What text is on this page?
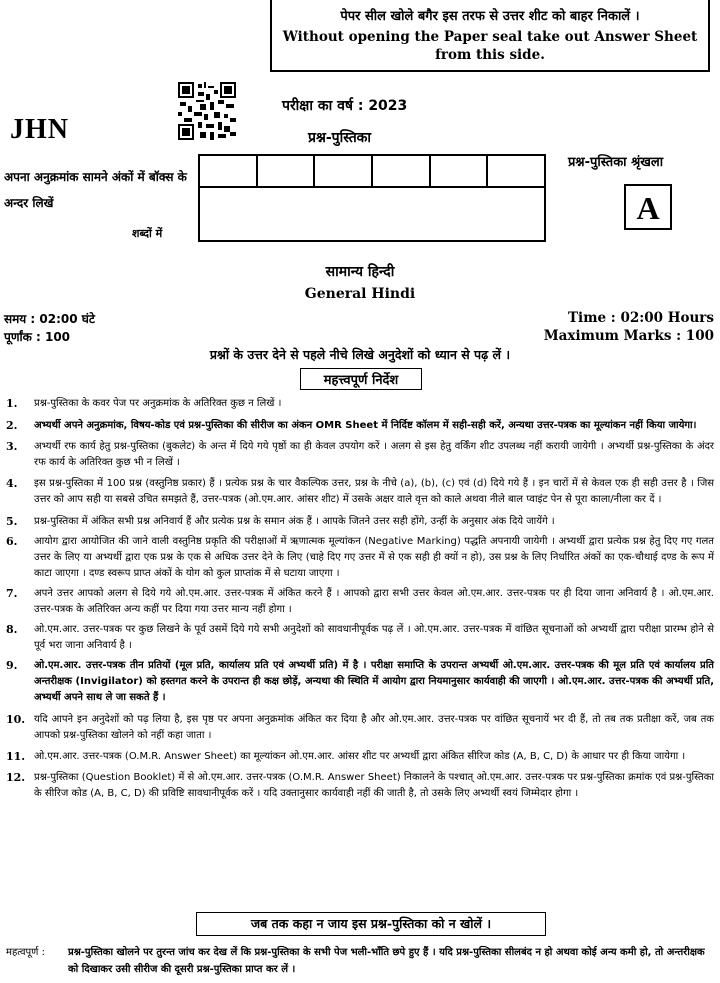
पेपर सील खोले बगैर इस तरफ से उत्तर शीट को बाहर निकालें ।
Without opening the Paper seal take out Answer Sheet from this side.
JHN
परीक्षा का वर्ष : 2023
प्रश्न-पुस्तिका
अपना अनुक्रमांक सामने अंकों में बॉक्स के अन्दर लिखें
शब्दों में
प्रश्न-पुस्तिका श्रृंखला
A
सामान्य हिन्दी
General Hindi
समय : 02:00 घंटे
पूर्णांक : 100
Time : 02:00 Hours
Maximum Marks : 100
प्रश्नों के उत्तर देने से पहले नीचे लिखे अनुदेशों को ध्यान से पढ़ लें ।
महत्त्वपूर्ण निर्देश
1.	प्रश्न-पुस्तिका के कवर पेज पर अनुक्रमांक के अतिरिक्त कुछ न लिखें ।
2.	अभ्यर्थी अपने अनुक्रमांक, विषय-कोड एवं प्रश्न-पुस्तिका की सीरीज का अंकन OMR Sheet में निर्दिष्ट कॉलम में सही-सही करें, अन्यथा उत्तर-पत्रक का मूल्यांकन नहीं किया जायेगा।
3.	अभ्यर्थी रफ कार्य हेतु प्रश्न-पुस्तिका (बुकलेट) के अन्त में दिये गये पृष्ठों का ही केवल उपयोग करें । अलग से इस हेतु वर्किंग शीट उपलब्ध नहीं करायी जायेगी । अभ्यर्थी प्रश्न-पुस्तिका के अंदर रफ कार्य के अतिरिक्त कुछ भी न लिखें ।
4.	इस प्रश्न-पुस्तिका में 100 प्रश्न (वस्तुनिष्ठ प्रकार) हैं । प्रत्येक प्रश्न के चार वैकल्पिक उत्तर, प्रश्न के नीचे (a), (b), (c) एवं (d) दिये गये हैं । इन चारों में से केवल एक ही सही उत्तर है । जिस उत्तर को आप सही या सबसे उचित समझते हैं, उत्तर-पत्रक (ओ.एम.आर. आंसर शीट) में उसके अक्षर वाले वृत्त को काले अथवा नीले बाल प्वाइंट पेन से पूरा काला/नीला कर दें ।
5.	प्रश्न-पुस्तिका में अंकित सभी प्रश्न अनिवार्य हैं और प्रत्येक प्रश्न के समान अंक हैं । आपके जितने उत्तर सही होंगे, उन्हीं के अनुसार अंक दिये जायेंगे ।
6.	आयोग द्वारा आयोजित की जाने वाली वस्तुनिष्ठ प्रकृति की परीक्षाओं में ऋणात्मक मूल्यांकन (Negative Marking) पद्धति अपनायी जायेगी । अभ्यर्थी द्वारा प्रत्येक प्रश्न हेतु दिए गए गलत उत्तर के लिए या अभ्यर्थी द्वारा एक प्रश्न के एक से अधिक उत्तर देने के लिए (चाहे दिए गए उत्तर में से एक सही ही क्यों न हो), उस प्रश्न के लिए निर्धारित अंकों का एक-चौथाई दण्ड के रूप में काटा जाएगा । दण्ड स्वरूप प्राप्त अंकों के योग को कुल प्राप्तांक में से घटाया जाएगा ।
7.	अपने उत्तर आपको अलग से दिये गये ओ.एम.आर. उत्तर-पत्रक में अंकित करने हैं । आपको द्वारा सभी उत्तर केवल ओ.एम.आर. उत्तर-पत्रक पर ही दिया जाना अनिवार्य है । ओ.एम.आर. उत्तर-पत्रक के अतिरिक्त अन्य कहीं पर दिया गया उत्तर मान्य नहीं होगा ।
8.	ओ.एम.आर. उत्तर-पत्रक पर कुछ लिखने के पूर्व उसमें दिये गये सभी अनुदेशों को सावधानीपूर्वक पढ़ लें । ओ.एम.आर. उत्तर-पत्रक में वांछित सूचनाओं को अभ्यर्थी द्वारा परीक्षा प्रारम्भ होने से पूर्व भरा जाना अनिवार्य है ।
9.	ओ.एम.आर. उत्तर-पत्रक तीन प्रतियों (मूल प्रति, कार्यालय प्रति एवं अभ्यर्थी प्रति) में है । परीक्षा समाप्ति के उपरान्त अभ्यर्थी ओ.एम.आर. उत्तर-पत्रक की मूल प्रति एवं कार्यालय प्रति अन्तरीक्षक (Invigilator) को हस्तगत करने के उपरान्त ही कक्ष छोड़ें, अन्यथा की स्थिति में आयोग द्वारा नियमानुसार कार्यवाही की जाएगी । ओ.एम.आर. उत्तर-पत्रक की अभ्यर्थी प्रति, अभ्यर्थी अपने साथ ले जा सकते हैं ।
10. यदि आपने इन अनुदेशों को पढ़ लिया है, इस पृष्ठ पर अपना अनुक्रमांक अंकित कर दिया है और ओ.एम.आर. उत्तर-पत्रक पर वांछित सूचनायें भर दी हैं, तो तब तक प्रतीक्षा करें, जब तक आपको प्रश्न-पुस्तिका खोलने को नहीं कहा जाता ।
11. ओ.एम.आर. उत्तर-पत्रक (O.M.R. Answer Sheet) का मूल्यांकन ओ.एम.आर. आंसर शीट पर अभ्यर्थी द्वारा अंकित सीरिज कोड (A, B, C, D) के आधार पर ही किया जायेगा ।
12. प्रश्न-पुस्तिका (Question Booklet) में से ओ.एम.आर. उत्तर-पत्रक (O.M.R. Answer Sheet) निकालने के पश्चात् ओ.एम.आर. उत्तर-पत्रक पर प्रश्न-पुस्तिका क्रमांक एवं प्रश्न-पुस्तिका के सीरिज कोड (A, B, C, D) की प्रविष्टि सावधानीपूर्वक करें । यदि उक्तानुसार कार्यवाही नहीं की जाती है, तो उसके लिए अभ्यर्थी स्वयं जिम्मेदार होगा ।
जब तक कहा न जाय इस प्रश्न-पुस्तिका को न खोलें ।
महत्वपूर्ण :	प्रश्न-पुस्तिका खोलने पर तुरन्त जांच कर देख लें कि प्रश्न-पुस्तिका के सभी पेज भली-भाँति छपे हुए हैं । यदि प्रश्न-पुस्तिका सीलबंद न हो अथवा कोई अन्य कमी हो, तो अन्तरीक्षक को दिखाकर उसी सीरीज की दूसरी प्रश्न-पुस्तिका प्राप्त कर लें ।
